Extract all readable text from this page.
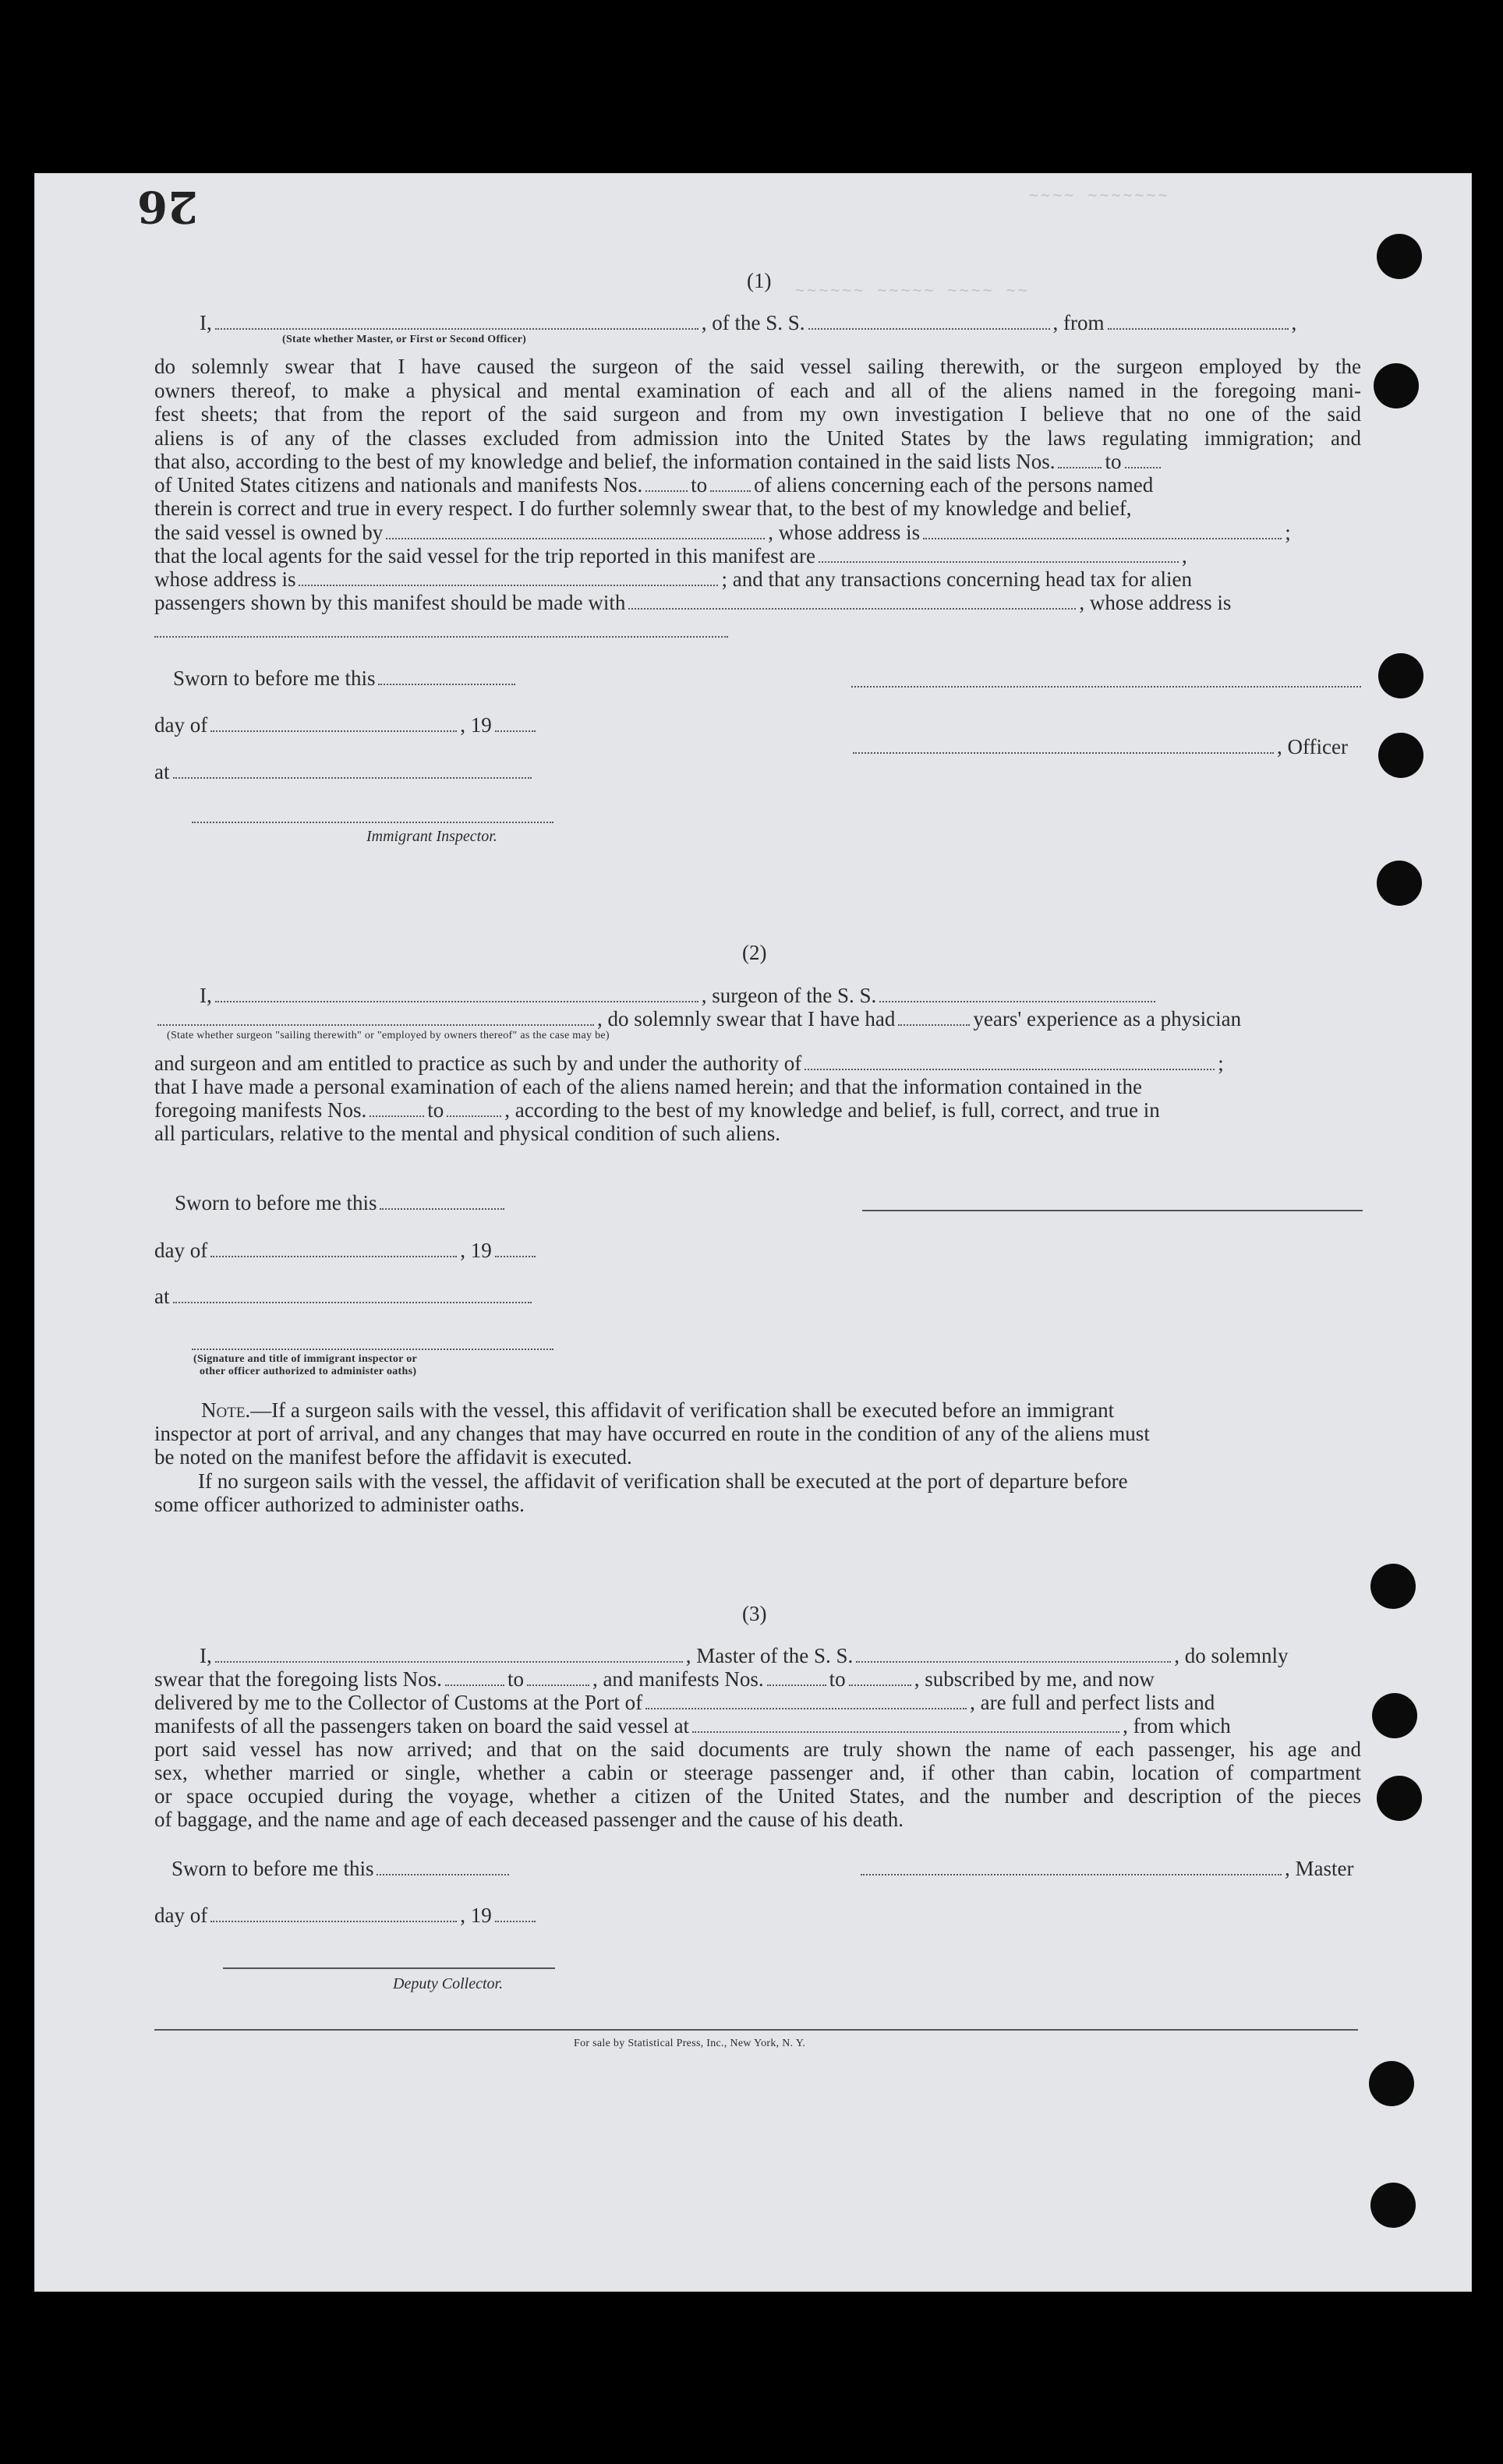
~~~~ ~~~~~~~
~~~~~~ ~~~~~ ~~~~ ~~
26
(1)
I,	, of the S. S.	, from	,
(State whether Master, or First or Second Officer)
do solemnly swear that I have caused the surgeon of the said vessel sailing therewith, or the surgeon employed by the
owners thereof, to make a physical and mental examination of each and all of the aliens named in the foregoing mani-
fest sheets; that from the report of the said surgeon and from my own investigation I believe that no one of the said
aliens is of any of the classes excluded from admission into the United States by the laws regulating immigration; and
that also, according to the best of my knowledge and belief, the information contained in the said lists Nos. to
of United States citizens and nationals and manifests Nos. to of aliens concerning each of the persons named
therein is correct and true in every respect. I do further solemnly swear that, to the best of my knowledge and belief,
the said vessel is owned by	, whose address is	;
that the local agents for the said vessel for the trip reported in this manifest are	,
whose address is	; and that any transactions concerning head tax for alien
passengers shown by this manifest should be made with	, whose address is
Sworn to before me this
day of	, 19
, Officer
at
Immigrant Inspector.
(2)
I,	, surgeon of the S. S.
, do solemnly swear that I have had	years' experience as a physician
(State whether surgeon "sailing therewith" or "employed by owners thereof" as the case may be)
and surgeon and am entitled to practice as such by and under the authority of	;
that I have made a personal examination of each of the aliens named herein; and that the information contained in the
foregoing manifests Nos.	to	, according to the best of my knowledge and belief, is full, correct, and true in
all particulars, relative to the mental and physical condition of such aliens.
Sworn to before me this
day of	, 19
at
(Signature and title of immigrant inspector or
other officer authorized to administer oaths)
Note.—If a surgeon sails with the vessel, this affidavit of verification shall be executed before an immigrant
inspector at port of arrival, and any changes that may have occurred en route in the condition of any of the aliens must
be noted on the manifest before the affidavit is executed.
If no surgeon sails with the vessel, the affidavit of verification shall be executed at the port of departure before
some officer authorized to administer oaths.
(3)
I,	, Master of the S. S.	, do solemnly
swear that the foregoing lists Nos.	to	, and manifests Nos.	to	, subscribed by me, and now
delivered by me to the Collector of Customs at the Port of	, are full and perfect lists and
manifests of all the passengers taken on board the said vessel at	, from which
port said vessel has now arrived; and that on the said documents are truly shown the name of each passenger, his age and
sex, whether married or single, whether a cabin or steerage passenger and, if other than cabin, location of compartment
or space occupied during the voyage, whether a citizen of the United States, and the number and description of the pieces
of baggage, and the name and age of each deceased passenger and the cause of his death.
Sworn to before me this	, Master
day of	, 19
Deputy Collector.
For sale by Statistical Press, Inc., New York, N. Y.
